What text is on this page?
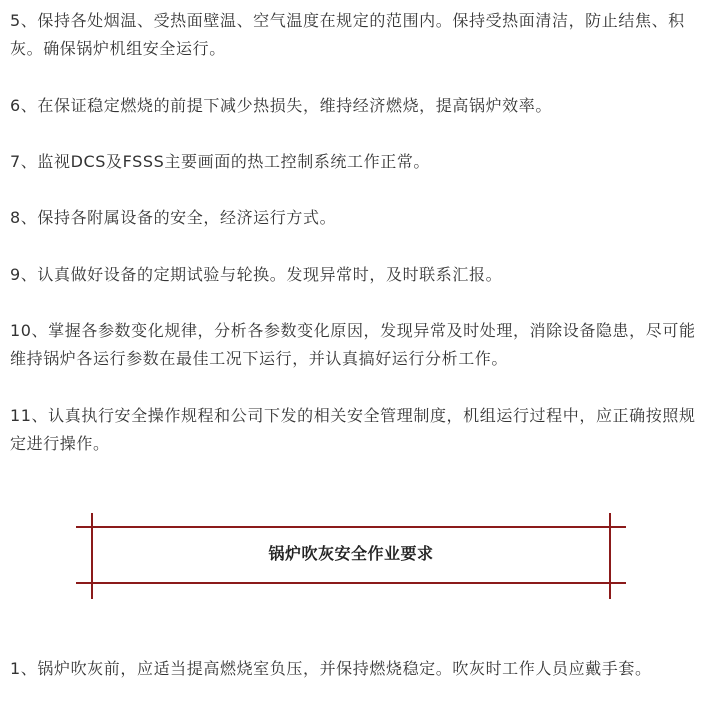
5、保持各处烟温、受热面壁温、空气温度在规定的范围内。保持受热面清洁，防止结焦、积灰。确保锅炉机组安全运行。

6、在保证稳定燃烧的前提下减少热损失，维持经济燃烧，提高锅炉效率。

7、监视DCS及FSSS主要画面的热工控制系统工作正常。

8、保持各附属设备的安全，经济运行方式。

9、认真做好设备的定期试验与轮换。发现异常时，及时联系汇报。

10、掌握各参数变化规律，分析各参数变化原因，发现异常及时处理，消除设备隐患，尽可能维持锅炉各运行参数在最佳工况下运行，并认真搞好运行分析工作。

11、认真执行安全操作规程和公司下发的相关安全管理制度，机组运行过程中，应正确按照规定进行操作。

锅炉吹灰安全作业要求

1、锅炉吹灰前，应适当提高燃烧室负压，并保持燃烧稳定。吹灰时工作人员应戴手套。
